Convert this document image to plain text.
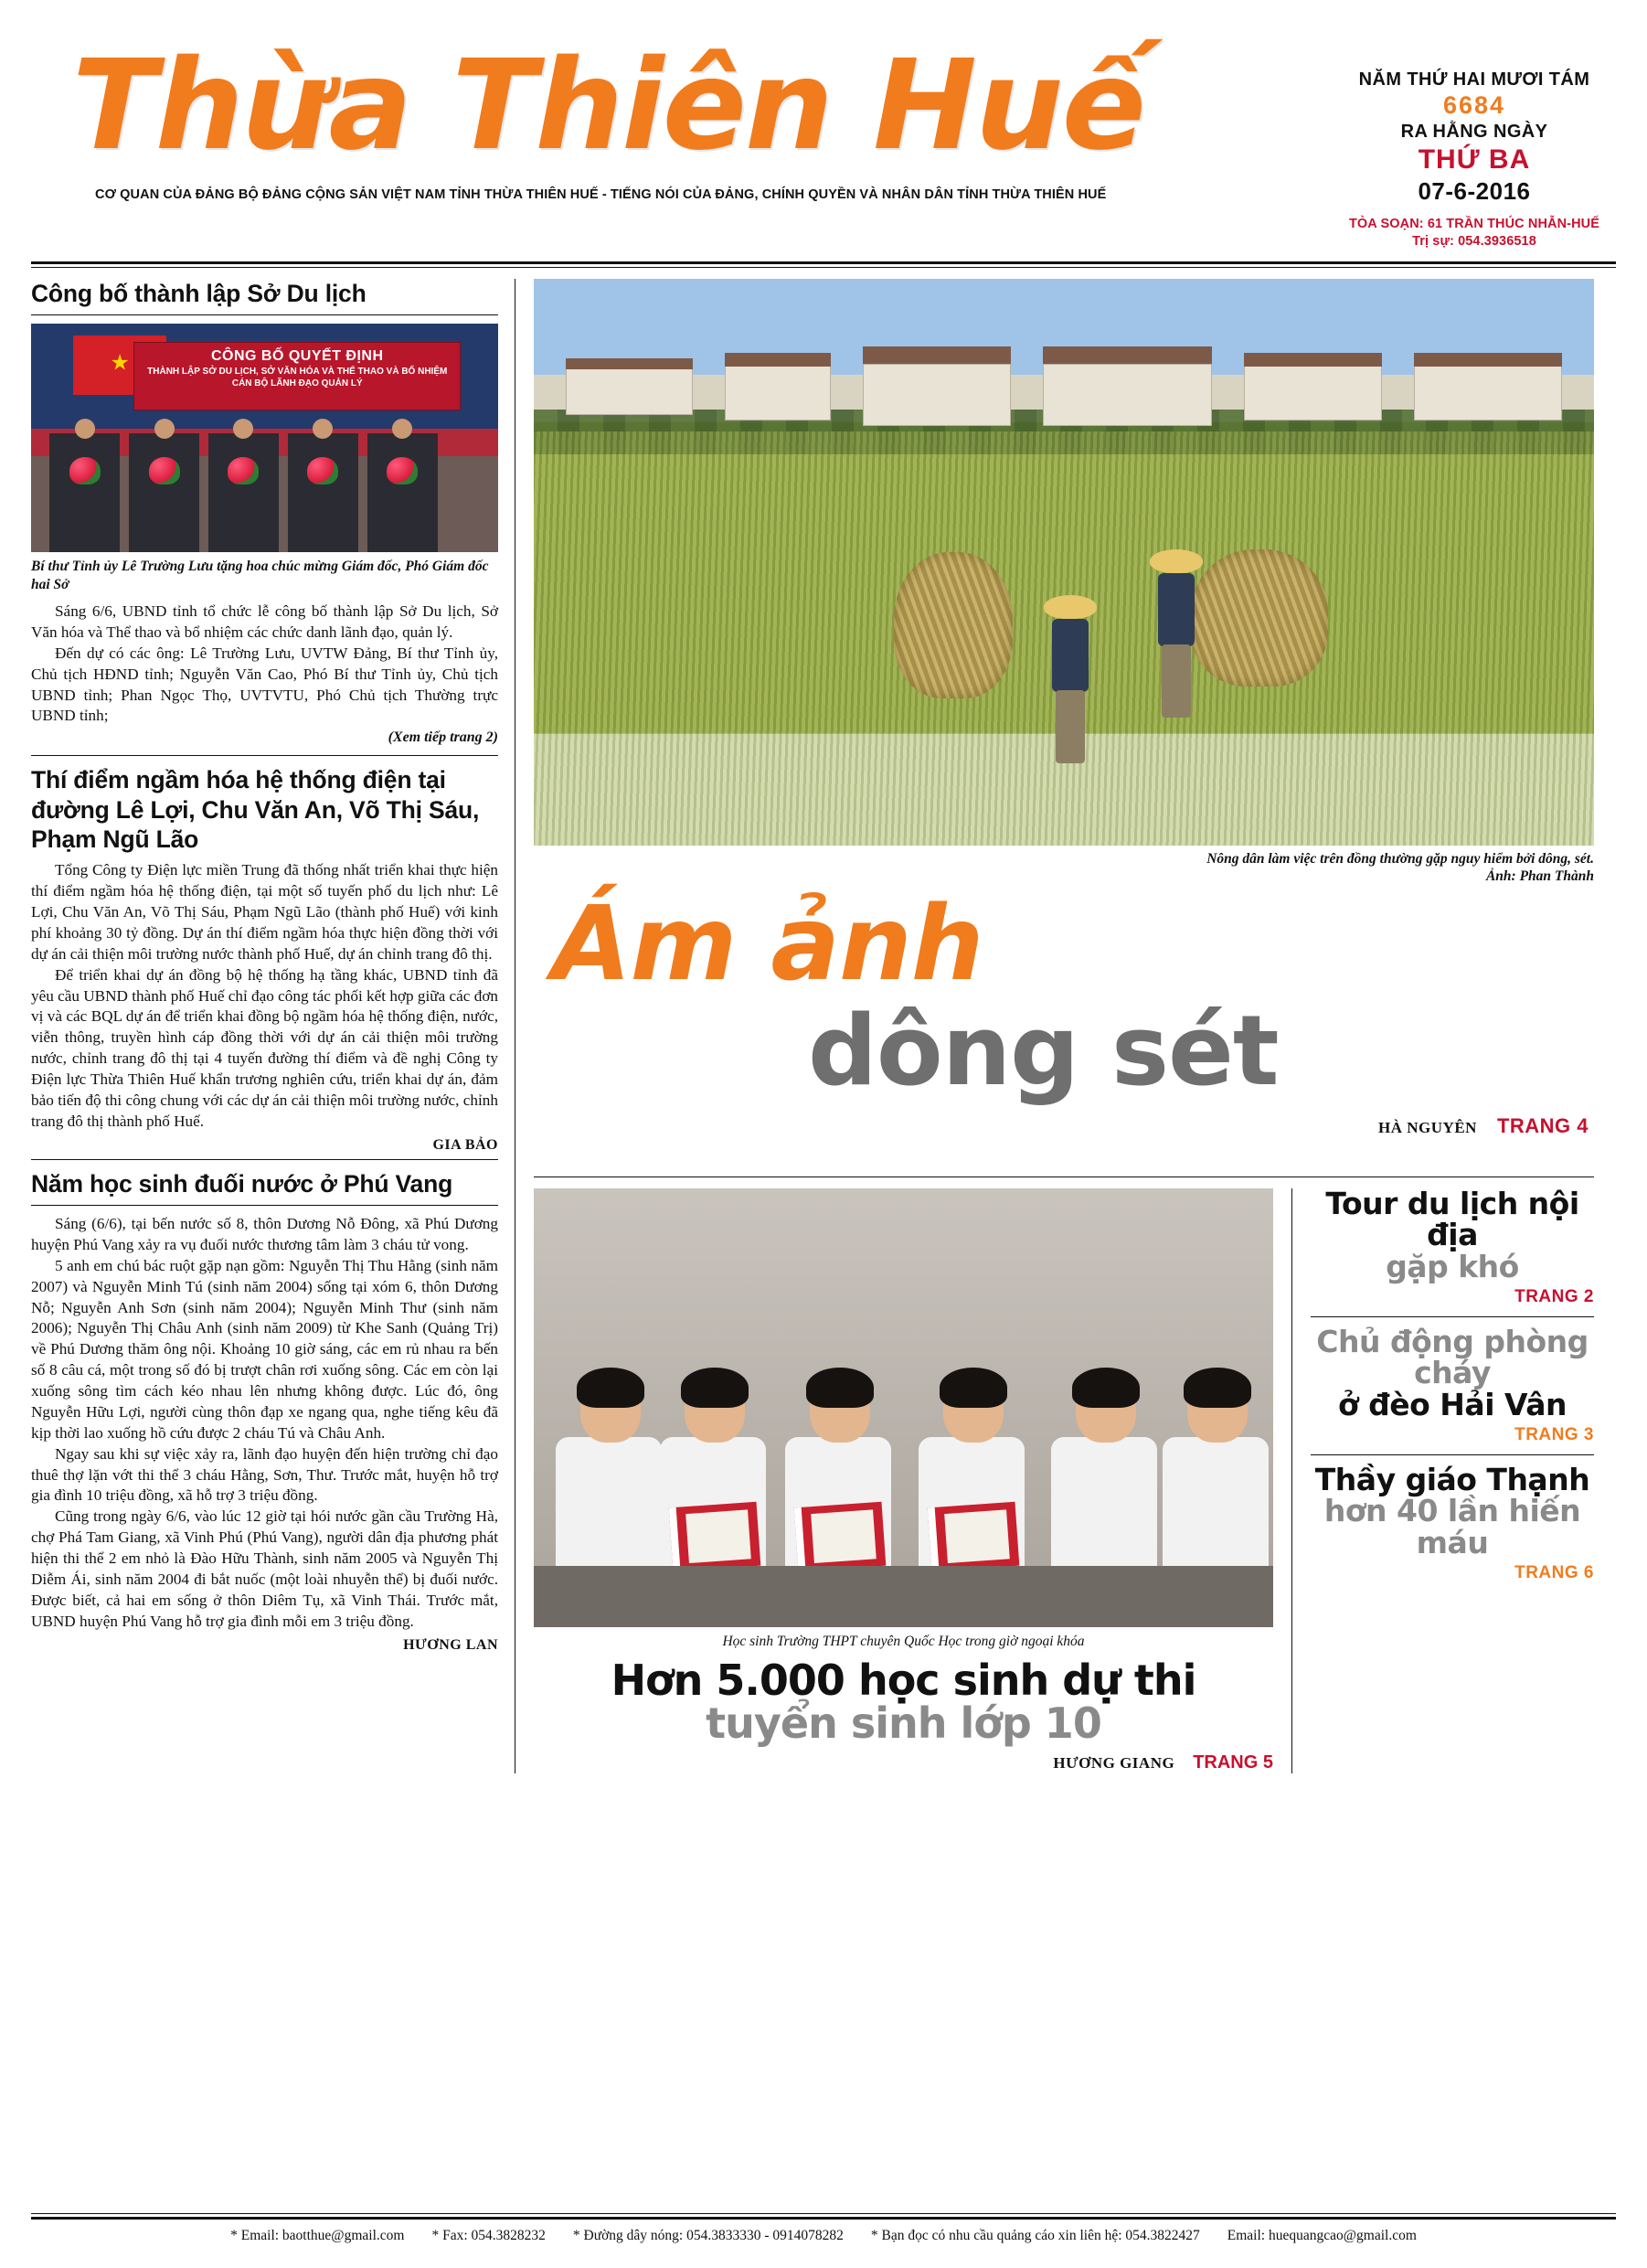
Thừa Thiên Huế
CƠ QUAN CỦA ĐẢNG BỘ ĐẢNG CỘNG SẢN VIỆT NAM TỈNH THỪA THIÊN HUẾ - TIẾNG NÓI CỦA ĐẢNG, CHÍNH QUYỀN VÀ NHÂN DÂN TỈNH THỪA THIÊN HUẾ
NĂM THỨ HAI MƯƠI TÁM
6684
RA HẰNG NGÀY
THỨ BA
07-6-2016
TÒA SOẠN: 61 TRẦN THÚC NHẪN-HUẾ
Trị sự: 054.3936518
Công bố thành lập Sở Du lịch
★
CÔNG BỐ QUYẾT ĐỊNH
THÀNH LẬP SỞ DU LỊCH, SỞ VĂN HÓA VÀ THỂ THAO VÀ BỔ NHIỆM CÁN BỘ LÃNH ĐẠO QUẢN LÝ
Bí thư Tỉnh ủy Lê Trường Lưu tặng hoa chúc mừng Giám đốc, Phó Giám đốc hai Sở

Sáng 6/6, UBND tỉnh tổ chức lễ công bố thành lập Sở Du lịch, Sở Văn hóa và Thể thao và bổ nhiệm các chức danh lãnh đạo, quản lý.

Đến dự có các ông: Lê Trường Lưu, UVTW Đảng, Bí thư Tỉnh ủy, Chủ tịch HĐND tỉnh; Nguyễn Văn Cao, Phó Bí thư Tỉnh ủy, Chủ tịch UBND tỉnh; Phan Ngọc Thọ, UVTVTU, Phó Chủ tịch Thường trực UBND tỉnh;

(Xem tiếp trang 2)
Thí điểm ngầm hóa hệ thống điện tại đường Lê Lợi, Chu Văn An, Võ Thị Sáu, Phạm Ngũ Lão

Tổng Công ty Điện lực miền Trung đã thống nhất triển khai thực hiện thí điểm ngầm hóa hệ thống điện, tại một số tuyến phố du lịch như: Lê Lợi, Chu Văn An, Võ Thị Sáu, Phạm Ngũ Lão (thành phố Huế) với kinh phí khoảng 30 tỷ đồng. Dự án thí điểm ngầm hóa thực hiện đồng thời với dự án cải thiện môi trường nước thành phố Huế, dự án chỉnh trang đô thị.

Để triển khai dự án đồng bộ hệ thống hạ tầng khác, UBND tỉnh đã yêu cầu UBND thành phố Huế chỉ đạo công tác phối kết hợp giữa các đơn vị và các BQL dự án để triển khai đồng bộ ngầm hóa hệ thống điện, nước, viễn thông, truyền hình cáp đồng thời với dự án cải thiện môi trường nước, chỉnh trang đô thị tại 4 tuyến đường thí điểm và đề nghị Công ty Điện lực Thừa Thiên Huế khẩn trương nghiên cứu, triển khai dự án, đảm bảo tiến độ thi công chung với các dự án cải thiện môi trường nước, chỉnh trang đô thị thành phố Huế.

GIA BẢO
Năm học sinh đuối nước ở Phú Vang

Sáng (6/6), tại bến nước số 8, thôn Dương Nỗ Đông, xã Phú Dương huyện Phú Vang xảy ra vụ đuối nước thương tâm làm 3 cháu tử vong.

5 anh em chú bác ruột gặp nạn gồm: Nguyễn Thị Thu Hằng (sinh năm 2007) và Nguyễn Minh Tú (sinh năm 2004) sống tại xóm 6, thôn Dương Nỗ; Nguyễn Anh Sơn (sinh năm 2004); Nguyễn Minh Thư (sinh năm 2006); Nguyễn Thị Châu Anh (sinh năm 2009) từ Khe Sanh (Quảng Trị) về Phú Dương thăm ông nội. Khoảng 10 giờ sáng, các em rủ nhau ra bến số 8 câu cá, một trong số đó bị trượt chân rơi xuống sông. Các em còn lại xuống sông tìm cách kéo nhau lên nhưng không được. Lúc đó, ông Nguyễn Hữu Lợi, người cùng thôn đạp xe ngang qua, nghe tiếng kêu đã kịp thời lao xuống hồ cứu được 2 cháu Tú và Châu Anh.

Ngay sau khi sự việc xảy ra, lãnh đạo huyện đến hiện trường chỉ đạo thuê thợ lặn vớt thi thể 3 cháu Hằng, Sơn, Thư. Trước mắt, huyện hỗ trợ gia đình 10 triệu đồng, xã hỗ trợ 3 triệu đồng.

Cũng trong ngày 6/6, vào lúc 12 giờ tại hói nước gần cầu Trường Hà, chợ Phá Tam Giang, xã Vinh Phú (Phú Vang), người dân địa phương phát hiện thi thể 2 em nhỏ là Đào Hữu Thành, sinh năm 2005 và Nguyễn Thị Diễm Ái, sinh năm 2004 đi bắt nuốc (một loài nhuyễn thể) bị đuối nước. Được biết, cả hai em sống ở thôn Diêm Tụ, xã Vinh Thái. Trước mắt, UBND huyện Phú Vang hỗ trợ gia đình mỗi em 3 triệu đồng.

HƯƠNG LAN
Nông dân làm việc trên đồng thường gặp nguy hiểm bởi dông, sét.
Ảnh: Phan Thành
Ám ảnh
dông sét
HÀ NGUYÊN TRANG 4
Học sinh Trường THPT chuyên Quốc Học trong giờ ngoại khóa
Hơn 5.000 học sinh dự thi
tuyển sinh lớp 10
HƯƠNG GIANG TRANG 5
Tour du lịch nội địa
gặp khó
TRANG 2
Chủ động phòng cháy
ở đèo Hải Vân
TRANG 3
Thầy giáo Thạnh
hơn 40 lần hiến máu
TRANG 6
* Email: baotthue@gmail.com * Fax: 054.3828232 * Đường dây nóng: 054.3833330 - 0914078282 * Bạn đọc có nhu cầu quảng cáo xin liên hệ: 054.3822427 Email: huequangcao@gmail.com
